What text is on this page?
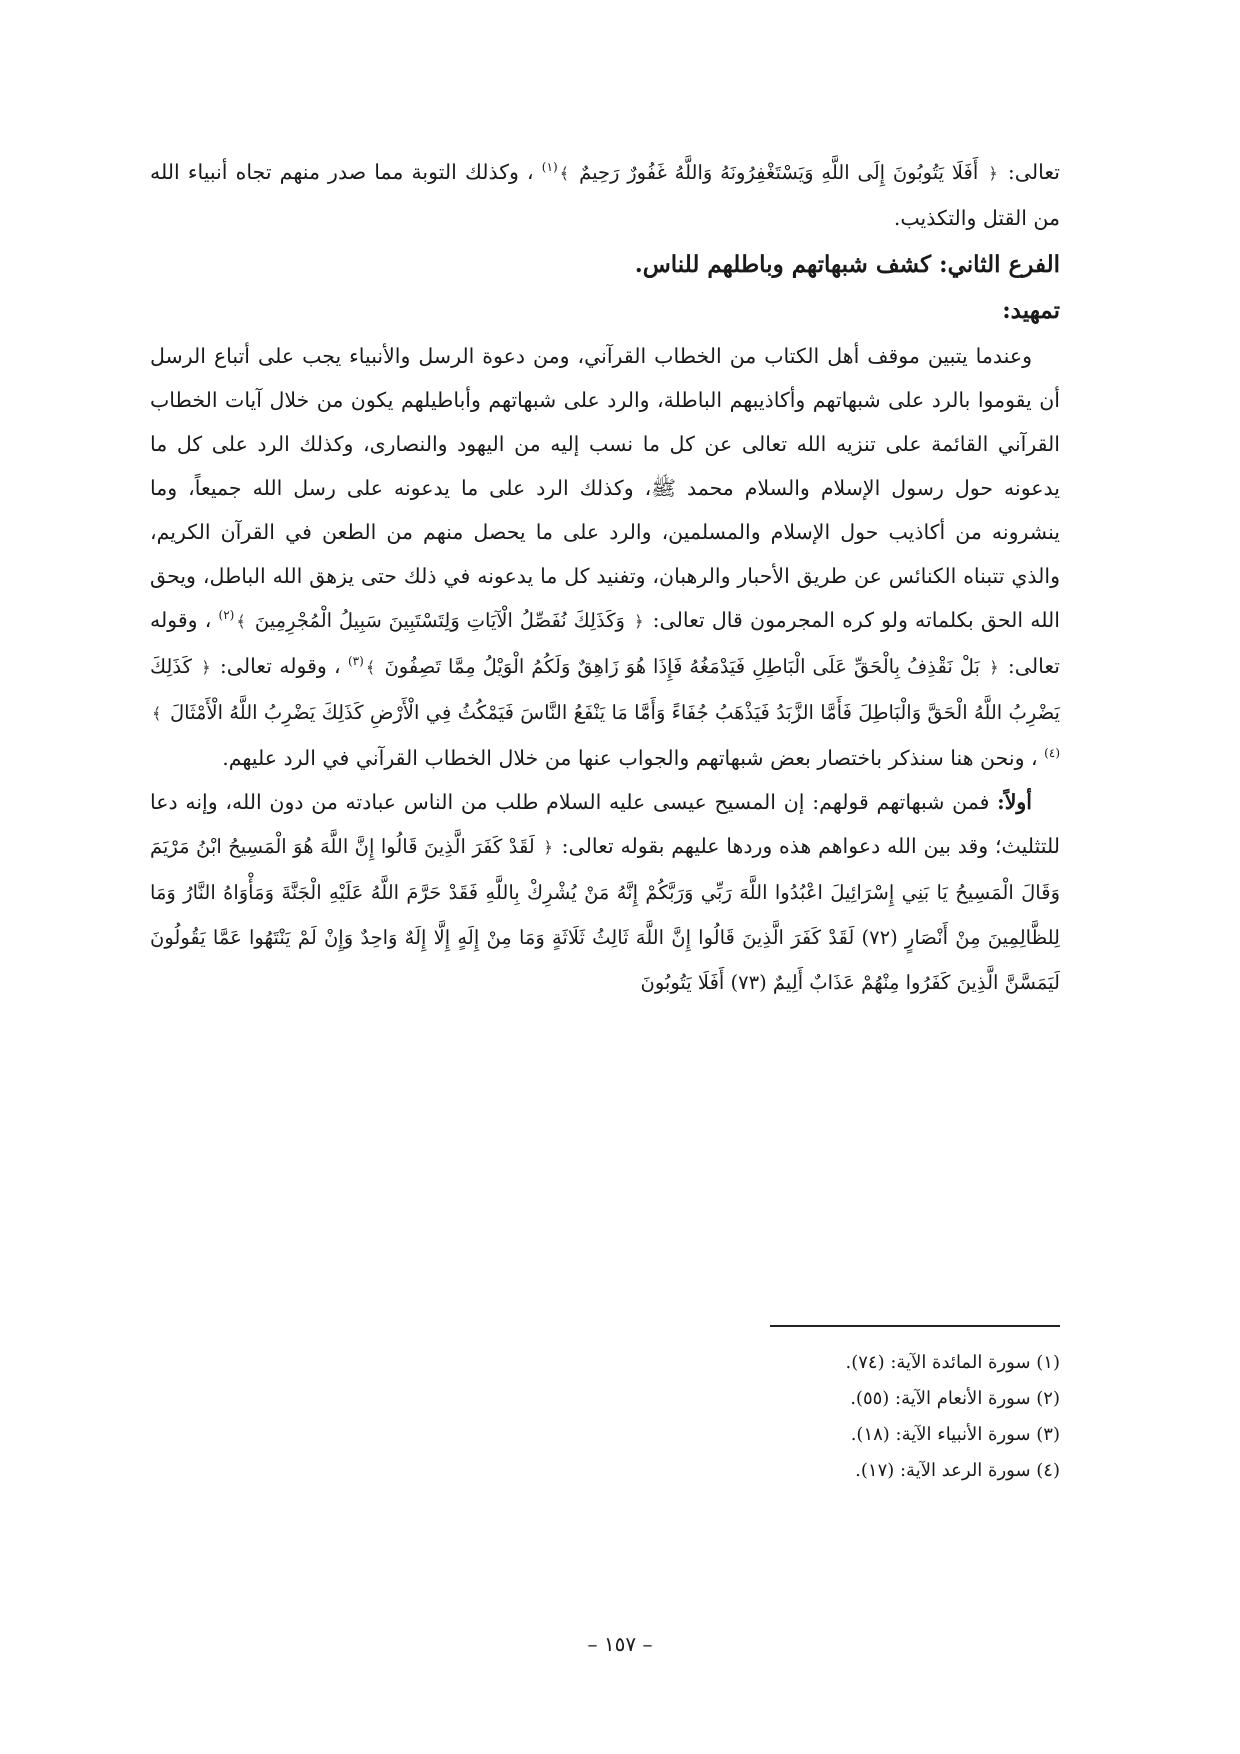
تعالى: ﴿ أَفَلَا يَتُوبُونَ إِلَى اللَّهِ وَيَسْتَغْفِرُونَهُ وَاللَّهُ غَفُورٌ رَحِيمٌ ﴾$^{(١)}$ ، وكذلك التوبة مما صدر منهم تجاه أنبياء الله من القتل والتكذيب.

الفرع الثاني: كشف شبهاتهم وباطلهم للناس.
تمهيد:

وعندما يتبين موقف أهل الكتاب من الخطاب القرآني، ومن دعوة الرسل والأنبياء يجب على أتباع الرسل أن يقوموا بالرد على شبهاتهم وأكاذيبهم الباطلة، والرد على شبهاتهم وأباطيلهم يكون من خلال آيات الخطاب القرآني القائمة على تنزيه الله تعالى عن كل ما نسب إليه من اليهود والنصارى، وكذلك الرد على كل ما يدعونه حول رسول الإسلام والسلام محمد ﷺ، وكذلك الرد على ما يدعونه على رسل الله جميعاً، وما ينشرونه من أكاذيب حول الإسلام والمسلمين، والرد على ما يحصل منهم من الطعن في القرآن الكريم، والذي تتبناه الكنائس عن طريق الأحبار والرهبان، وتفنيد كل ما يدعونه في ذلك حتى يزهق الله الباطل، ويحق الله الحق بكلماته ولو كره المجرمون قال تعالى: ﴿ وَكَذَلِكَ نُفَصِّلُ الْآيَاتِ وَلِتَسْتَبِينَ سَبِيلُ الْمُجْرِمِينَ ﴾$^{(٢)}$ ، وقوله تعالى: ﴿ بَلْ نَقْذِفُ بِالْحَقِّ عَلَى الْبَاطِلِ فَيَدْمَغُهُ فَإِذَا هُوَ زَاهِقٌ وَلَكُمُ الْوَيْلُ مِمَّا تَصِفُونَ ﴾$^{(٣)}$ ، وقوله تعالى: ﴿ كَذَلِكَ يَضْرِبُ اللَّهُ الْحَقَّ وَالْبَاطِلَ فَأَمَّا الزَّبَدُ فَيَذْهَبُ جُفَاءً وَأَمَّا مَا يَنْفَعُ النَّاسَ فَيَمْكُثُ فِي الْأَرْضِ كَذَلِكَ يَضْرِبُ اللَّهُ الْأَمْثَالَ ﴾$^{(٤)}$ ، ونحن هنا سنذكر باختصار بعض شبهاتهم والجواب عنها من خلال الخطاب القرآني في الرد عليهم.

أولاً: فمن شبهاتهم قولهم: إن المسيح عيسى عليه السلام طلب من الناس عبادته من دون الله، وإنه دعا للتثليث؛ وقد بين الله دعواهم هذه وردها عليهم بقوله تعالى: ﴿ لَقَدْ كَفَرَ الَّذِينَ قَالُوا إِنَّ اللَّهَ هُوَ الْمَسِيحُ ابْنُ مَرْيَمَ وَقَالَ الْمَسِيحُ يَا بَنِي إِسْرَائِيلَ اعْبُدُوا اللَّهَ رَبِّي وَرَبَّكُمْ إِنَّهُ مَنْ يُشْرِكْ بِاللَّهِ فَقَدْ حَرَّمَ اللَّهُ عَلَيْهِ الْجَنَّةَ وَمَأْوَاهُ النَّارُ وَمَا لِلظَّالِمِينَ مِنْ أَنْصَارٍ (٧٢) لَقَدْ كَفَرَ الَّذِينَ قَالُوا إِنَّ اللَّهَ ثَالِثُ ثَلَاثَةٍ وَمَا مِنْ إِلَهٍ إِلَّا إِلَهٌ وَاحِدٌ وَإِنْ لَمْ يَنْتَهُوا عَمَّا يَقُولُونَ لَيَمَسَّنَّ الَّذِينَ كَفَرُوا مِنْهُمْ عَذَابٌ أَلِيمٌ (٧٣) أَفَلَا يَتُوبُونَ

(١) سورة المائدة الآية: (٧٤).

(٢) سورة الأنعام الآية: (٥٥).

(٣) سورة الأنبياء الآية: (١٨).

(٤) سورة الرعد الآية: (١٧).

– ١٥٧ –
